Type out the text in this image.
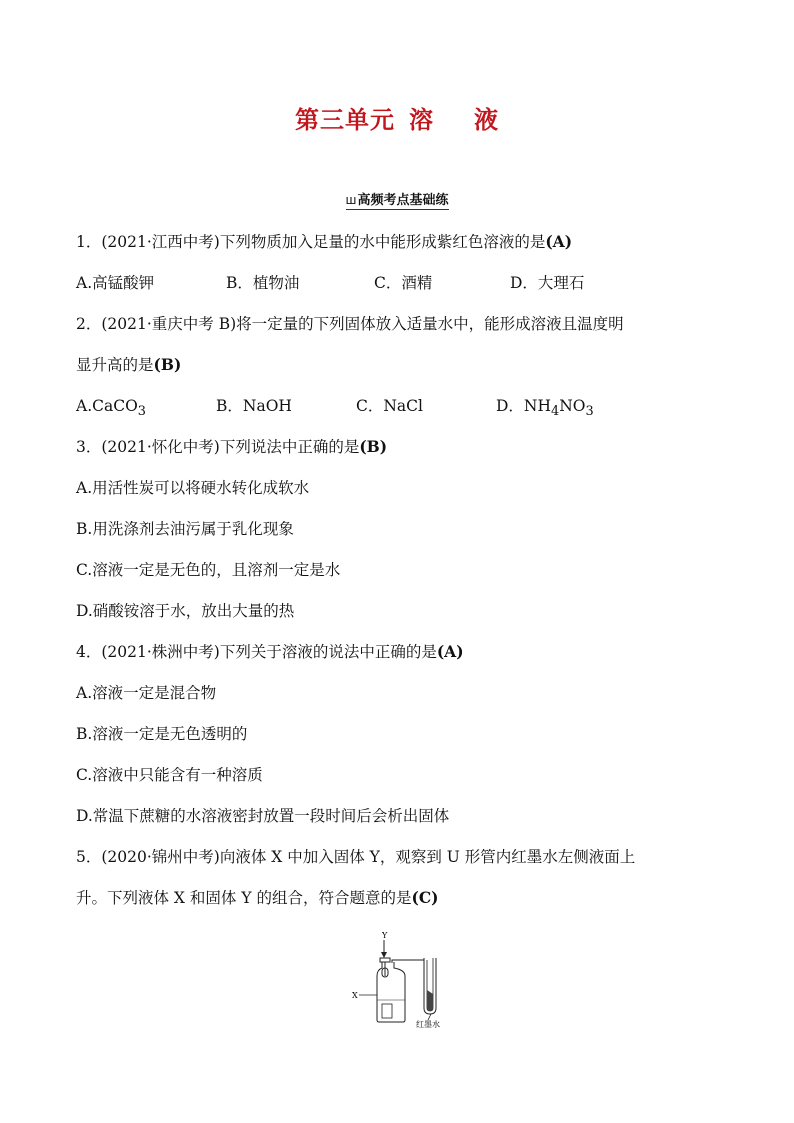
第三单元 溶 液
ш高频考点基础练
1．(2021·江西中考)下列物质加入足量的水中能形成紫红色溶液的是(A)
A.高锰酸钾	B．植物油	C．酒精	D．大理石
2．(2021·重庆中考 B)将一定量的下列固体放入适量水中，能形成溶液且温度明
显升高的是(B)
A.CaCO$_3$	B．NaOH	C．NaCl	D．$NH_4NO_3$
3．(2021·怀化中考)下列说法中正确的是(B)
A.用活性炭可以将硬水转化成软水
B.用洗涤剂去油污属于乳化现象
C.溶液一定是无色的，且溶剂一定是水
D.硝酸铵溶于水，放出大量的热
4．(2021·株洲中考)下列关于溶液的说法中正确的是(A)
A.溶液一定是混合物
B.溶液一定是无色透明的
C.溶液中只能含有一种溶质
D.常温下蔗糖的水溶液密封放置一段时间后会析出固体
5．(2020·锦州中考)向液体 X 中加入固体 Y，观察到 U 形管内红墨水左侧液面上
升。下列液体 X 和固体 Y 的组合，符合题意的是(C)
Y
X
红墨水
